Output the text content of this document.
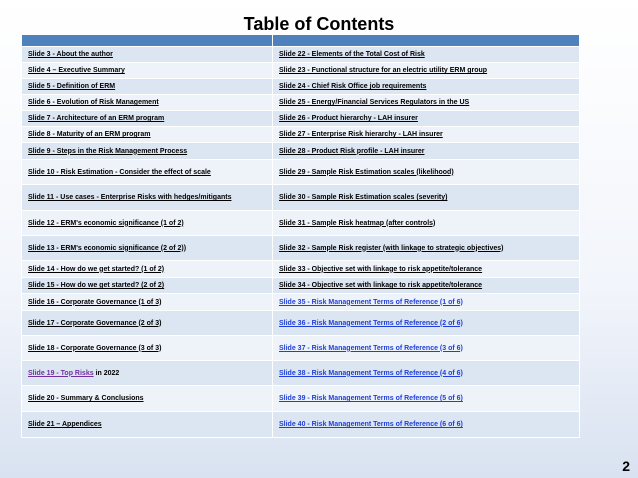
Table of Contents

Slide 3 - About the author	Slide 22 - Elements of the Total Cost of Risk
Slide 4 – Executive Summary	Slide 23 - Functional structure for an electric utility ERM group
Slide 5 - Definition of ERM	Slide 24 - Chief Risk Office job requirements
Slide 6 - Evolution of Risk Management	Slide 25 - Energy/Financial Services Regulators in the US
Slide 7 - Architecture of an ERM program	Slide 26 - Product hierarchy - LAH insurer
Slide 8 - Maturity of an ERM program	Slide 27 - Enterprise Risk hierarchy - LAH insurer
Slide 9 - Steps in the Risk Management Process	Slide 28 - Product Risk profile - LAH insurer
Slide 10 - Risk Estimation - Consider the effect of scale	Slide 29 - Sample Risk Estimation scales (likelihood)
Slide 11 - Use cases - Enterprise Risks with hedges/mitigants	Slide 30 - Sample Risk Estimation scales (severity)
Slide 12 - ERM's economic significance (1 of 2)	Slide 31 - Sample Risk heatmap (after controls)
Slide 13 - ERM's economic significance (2 of 2))	Slide 32 - Sample Risk register (with linkage to strategic objectives)
Slide 14 - How do we get started? (1 of 2)	Slide 33 - Objective set with linkage to risk appetite/tolerance
Slide 15 - How do we get started? (2 of 2)	Slide 34 - Objective set with linkage to risk appetite/tolerance
Slide 16 - Corporate Governance (1 of 3)	Slide 35 - Risk Management Terms of Reference (1 of 6)
Slide 17 - Corporate Governance (2 of 3)	Slide 36 - Risk Management Terms of Reference (2 of 6)
Slide 18 - Corporate Governance (3 of 3)	Slide 37 - Risk Management Terms of Reference (3 of 6)
Slide 19 - Top Risks in 2022	Slide 38 - Risk Management Terms of Reference (4 of 6)
Slide 20 - Summary & Conclusions	Slide 39 - Risk Management Terms of Reference (5 of 6)
Slide 21 – Appendices	Slide 40 - Risk Management Terms of Reference (6 of 6)
2
